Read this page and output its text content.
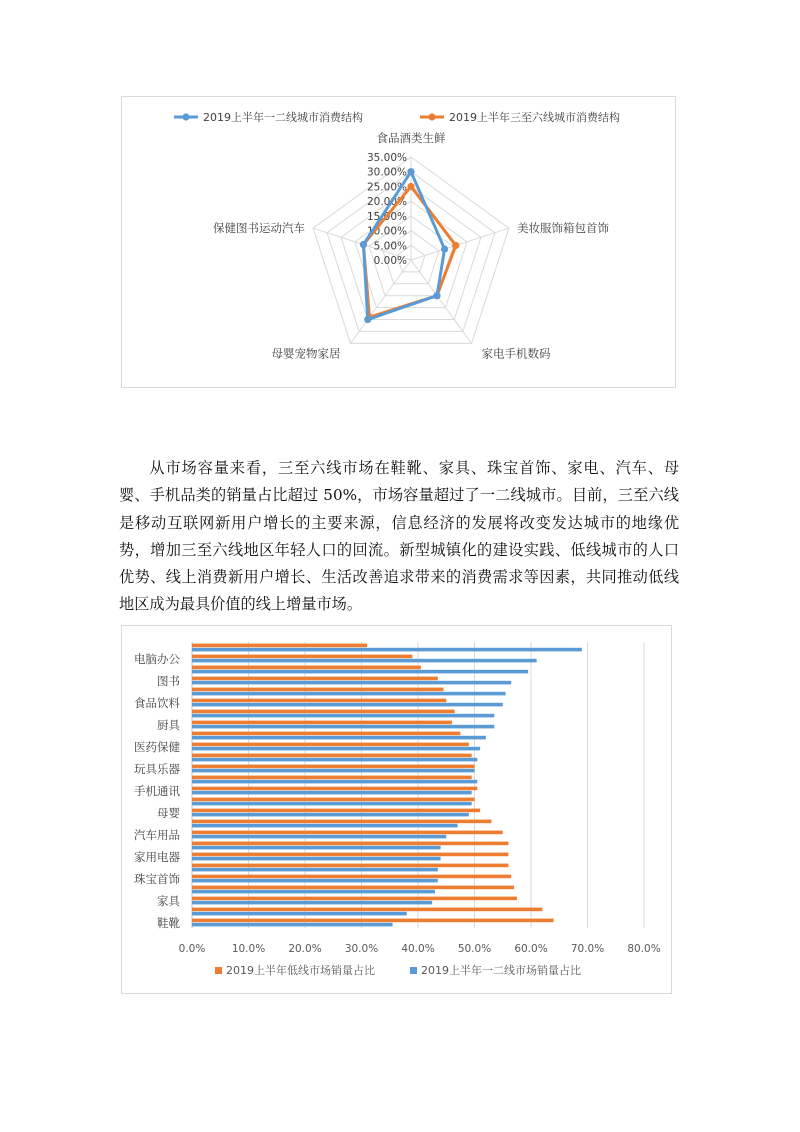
35.00%
30.00%
25.00%
20.00%
15.00%
10.00%
5.00%
0.00%
食品酒类生鲜
美妆服饰箱包首饰
家电手机数码
母婴宠物家居
保健图书运动汽车
2019上半年一二线城市消费结构	2019上半年三至六线城市消费结构

从市场容量来看，三至六线市场在鞋靴、家具、珠宝首饰、家电、汽车、母婴、手机品类的销量占比超过 50%，市场容量超过了一二线城市。目前，三至六线是移动互联网新用户增长的主要来源，信息经济的发展将改变发达城市的地缘优势，增加三至六线地区年轻人口的回流。新型城镇化的建设实践、低线城市的人口优势、线上消费新用户增长、生活改善追求带来的消费需求等因素，共同推动低线地区成为最具价值的线上增量市场。

鞋靴
家具
珠宝首饰
家用电器
汽车用品
母婴
手机通讯
玩具乐器
医药保健
厨具
食品饮料
图书
电脑办公
0.0%	10.0% 20.0% 30.0% 40.0% 50.0% 60.0% 70.0% 80.0%
2019上半年低线市场销量占比	2019上半年一二线市场销量占比
